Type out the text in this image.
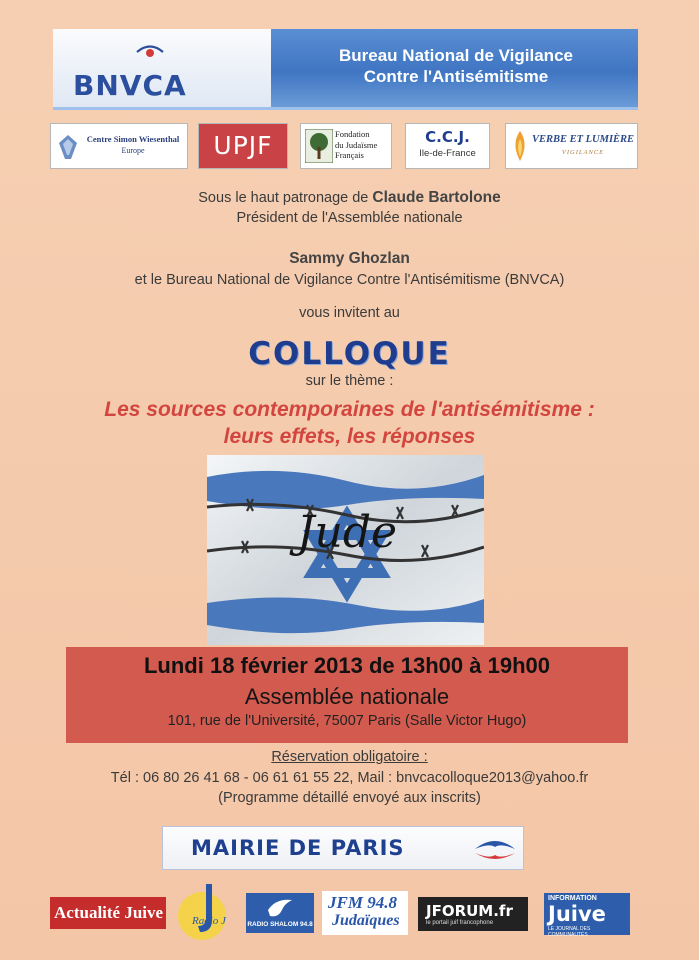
BNVCA
Bureau National de Vigilance
Contre l'Antisémitisme
Centre Simon Wiesenthal
Europe	UPJF	Fondation
du Judaïsme
Français
C.C.J.
Ile-de-France
VERBE ET LUMIÈRE
VIGILANCE
Sous le haut patronage de Claude Bartolone
Président de l'Assemblée nationale
Sammy Ghozlan
et le Bureau National de Vigilance Contre l'Antisémitisme (BNVCA)
vous invitent au
COLLOQUE
sur le thème :
Les sources contemporaines de l'antisémitisme :
leurs effets, les réponses
Jude
Lundi 18 février 2013 de 13h00 à 19h00
Assemblée nationale
101, rue de l'Université, 75007 Paris (Salle Victor Hugo)
Réservation obligatoire :
Tél : 06 80 26 41 68 - 06 61 61 55 22, Mail : bnvcacolloque2013@yahoo.fr
(Programme détaillé envoyé aux inscrits)
MAIRIE DE PARIS
Actualité Juive	Radio J	RADIO SHALOM 94.8
JFM 94.8
Judaïques
JFORUM.fr
le portail juif francophone
INFORMATION
Juive
LE JOURNAL DES COMMUNAUTÉS
